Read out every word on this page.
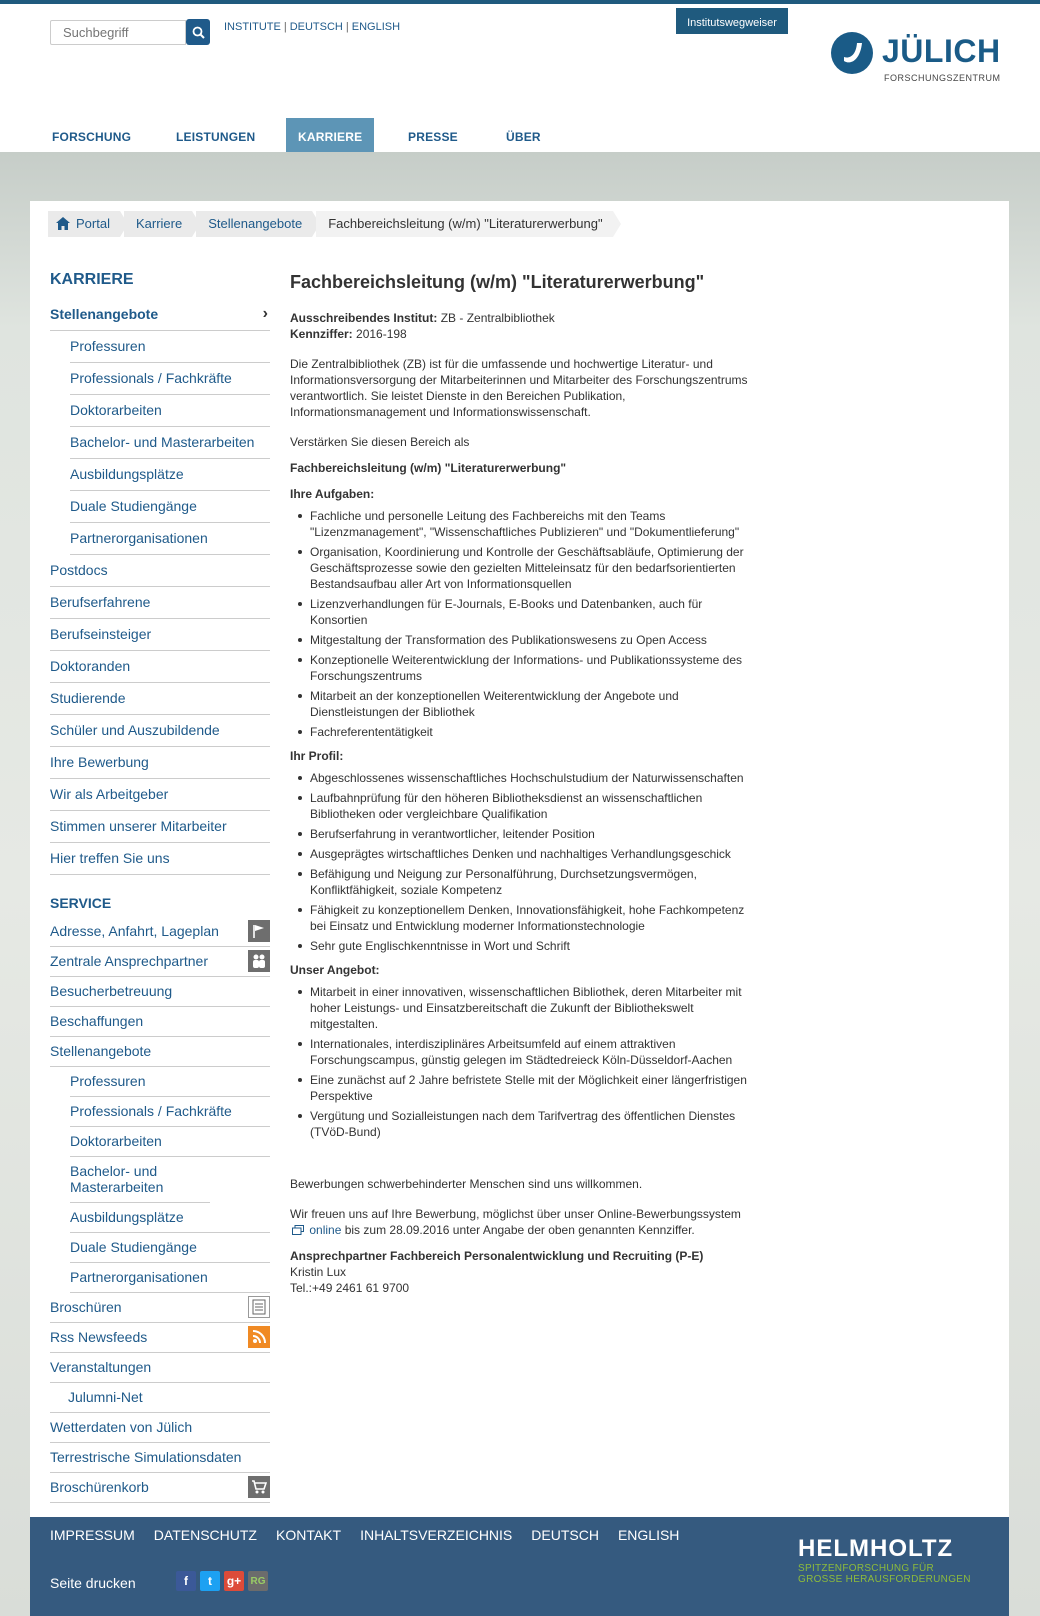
Suchbegriff
INSTITUTE | DEUTSCH | ENGLISH	Institutswegweiser
JÜLICH
FORSCHUNGSZENTRUM
FORSCHUNG	LEISTUNGEN	KARRIERE	PRESSE	ÜBER
Portal	Karriere	Stellenangebote	Fachbereichsleitung (w/m) "Literaturerwerbung"
KARRIERE
Stellenangebote	›
Professuren
Professionals / Fachkräfte
Doktorarbeiten
Bachelor- und Masterarbeiten
Ausbildungsplätze
Duale Studiengänge
Partnerorganisationen
Postdocs
Berufserfahrene
Berufseinsteiger
Doktoranden
Studierende
Schüler und Auszubildende
Ihre Bewerbung
Wir als Arbeitgeber
Stimmen unserer Mitarbeiter
Hier treffen Sie uns
SERVICE
Adresse, Anfahrt, Lageplan
Zentrale Ansprechpartner
Besucherbetreuung
Beschaffungen
Stellenangebote
Professuren
Professionals / Fachkräfte
Doktorarbeiten
Bachelor- und Masterarbeiten
Ausbildungsplätze
Duale Studiengänge
Partnerorganisationen
Broschüren
Rss Newsfeeds
Veranstaltungen
Julumni-Net
Wetterdaten von Jülich
Terrestrische Simulationsdaten
Broschürenkorb
Fachbereichsleitung (w/m) "Literaturerwerbung"

Ausschreibendes Institut: ZB - Zentralbibliothek
Kennziffer: 2016-198

Die Zentralbibliothek (ZB) ist für die umfassende und hochwertige Literatur- und Informationsversorgung der Mitarbeiterinnen und Mitarbeiter des Forschungszentrums verantwortlich. Sie leistet Dienste in den Bereichen Publikation, Informationsmanagement und Informationswissenschaft.

Verstärken Sie diesen Bereich als

Fachbereichsleitung (w/m) "Literaturerwerbung"

Ihre Aufgaben:

Fachliche und personelle Leitung des Fachbereichs mit den Teams "Lizenzmanagement", "Wissenschaftliches Publizieren" und "Dokumentlieferung"
Organisation, Koordinierung und Kontrolle der Geschäftsabläufe, Optimierung der Geschäftsprozesse sowie den gezielten Mitteleinsatz für den bedarfsorientierten Bestandsaufbau aller Art von Informationsquellen
Lizenzverhandlungen für E-Journals, E-Books und Datenbanken, auch für Konsortien
Mitgestaltung der Transformation des Publikationswesens zu Open Access
Konzeptionelle Weiterentwicklung der Informations- und Publikationssysteme des Forschungszentrums
Mitarbeit an der konzeptionellen Weiterentwicklung der Angebote und Dienstleistungen der Bibliothek
Fachreferententätigkeit

Ihr Profil:

Abgeschlossenes wissenschaftliches Hochschulstudium der Naturwissenschaften
Laufbahnprüfung für den höheren Bibliotheksdienst an wissenschaftlichen Bibliotheken oder vergleichbare Qualifikation
Berufserfahrung in verantwortlicher, leitender Position
Ausgeprägtes wirtschaftliches Denken und nachhaltiges Verhandlungsgeschick
Befähigung und Neigung zur Personalführung, Durchsetzungsvermögen, Konfliktfähigkeit, soziale Kompetenz
Fähigkeit zu konzeptionellem Denken, Innovationsfähigkeit, hohe Fachkompetenz bei Einsatz und Entwicklung moderner Informationstechnologie
Sehr gute Englischkenntnisse in Wort und Schrift

Unser Angebot:

Mitarbeit in einer innovativen, wissenschaftlichen Bibliothek, deren Mitarbeiter mit hoher Leistungs- und Einsatzbereitschaft die Zukunft der Bibliothekswelt mitgestalten.
Internationales, interdisziplinäres Arbeitsumfeld auf einem attraktiven Forschungscampus, günstig gelegen im Städtedreieck Köln-Düsseldorf-Aachen
Eine zunächst auf 2 Jahre befristete Stelle mit der Möglichkeit einer längerfristigen Perspektive
Vergütung und Sozialleistungen nach dem Tarifvertrag des öffentlichen Dienstes (TVöD-Bund)

Bewerbungen schwerbehinderter Menschen sind uns willkommen.

Wir freuen uns auf Ihre Bewerbung, möglichst über unser Online-Bewerbungssystem  online bis zum 28.09.2016 unter Angabe der oben genannten Kennziffer.

Ansprechpartner Fachbereich Personalentwicklung und Recruiting (P-E)
Kristin Lux
Tel.:+49 2461 61 9700

IMPRESSUM DATENSCHUTZ KONTAKT INHALTSVERZEICHNIS DEUTSCH ENGLISH
Seite drucken	f	t	g+ RG
HELMHOLTZ
SPITZENFORSCHUNG FÜR
GROSSE HERAUSFORDERUNGEN
